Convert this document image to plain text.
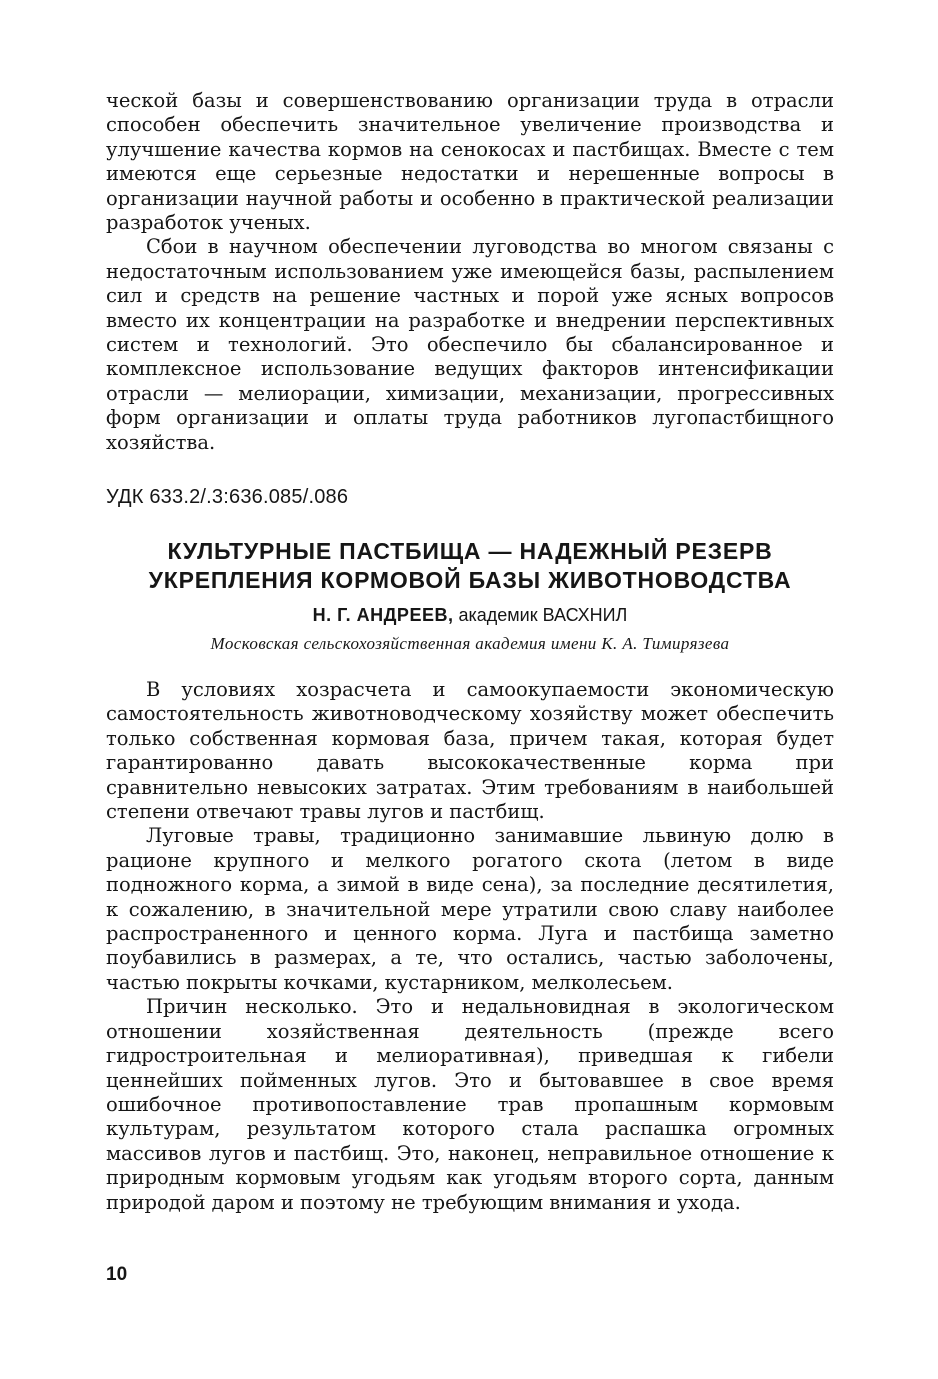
ческой базы и совершенствованию организации труда в отрасли способен обеспечить значительное увеличение производства и улучшение качества кормов на сенокосах и пастбищах. Вместе с тем имеются еще серьезные недостатки и нерешенные вопросы в организации научной работы и особенно в практической реализации разработок ученых.

Сбои в научном обеспечении луговодства во многом связаны с недостаточным использованием уже имеющейся базы, распылением сил и средств на решение частных и порой уже ясных вопросов вместо их концентрации на разработке и внедрении перспективных систем и технологий. Это обеспечило бы сбалансированное и комплексное использование ведущих факторов интенсификации отрасли — мелиорации, химизации, механизации, прогрессивных форм организации и оплаты труда работников лугопастбищного хозяйства.

УДК 633.2/.3:636.085/.086
КУЛЬТУРНЫЕ ПАСТБИЩА — НАДЕЖНЫЙ РЕЗЕРВ
УКРЕПЛЕНИЯ КОРМОВОЙ БАЗЫ ЖИВОТНОВОДСТВА
Н. Г. АНДРЕЕВ, академик ВАСХНИЛ
Московская сельскохозяйственная академия имени К. А. Тимирязева

В условиях хозрасчета и самоокупаемости экономическую самостоятельность животноводческому хозяйству может обеспечить только собственная кормовая база, причем такая, которая будет гарантированно давать высококачественные корма при сравнительно невысоких затратах. Этим требованиям в наибольшей степени отвечают травы лугов и пастбищ.

Луговые травы, традиционно занимавшие львиную долю в рационе крупного и мелкого рогатого скота (летом в виде подножного корма, а зимой в виде сена), за последние десятилетия, к сожалению, в значительной мере утратили свою славу наиболее распространенного и ценного корма. Луга и пастбища заметно поубавились в размерах, а те, что остались, частью заболочены, частью покрыты кочками, кустарником, мелколесьем.

Причин несколько. Это и недальновидная в экологическом отношении хозяйственная деятельность (прежде всего гидростроительная и мелиоративная), приведшая к гибели ценнейших пойменных лугов. Это и бытовавшее в свое время ошибочное противопоставление трав пропашным кормовым культурам, результатом которого стала распашка огромных массивов лугов и пастбищ. Это, наконец, неправильное отношение к природным кормовым угодьям как угодьям второго сорта, данным природой даром и поэтому не требующим внимания и ухода.

10
